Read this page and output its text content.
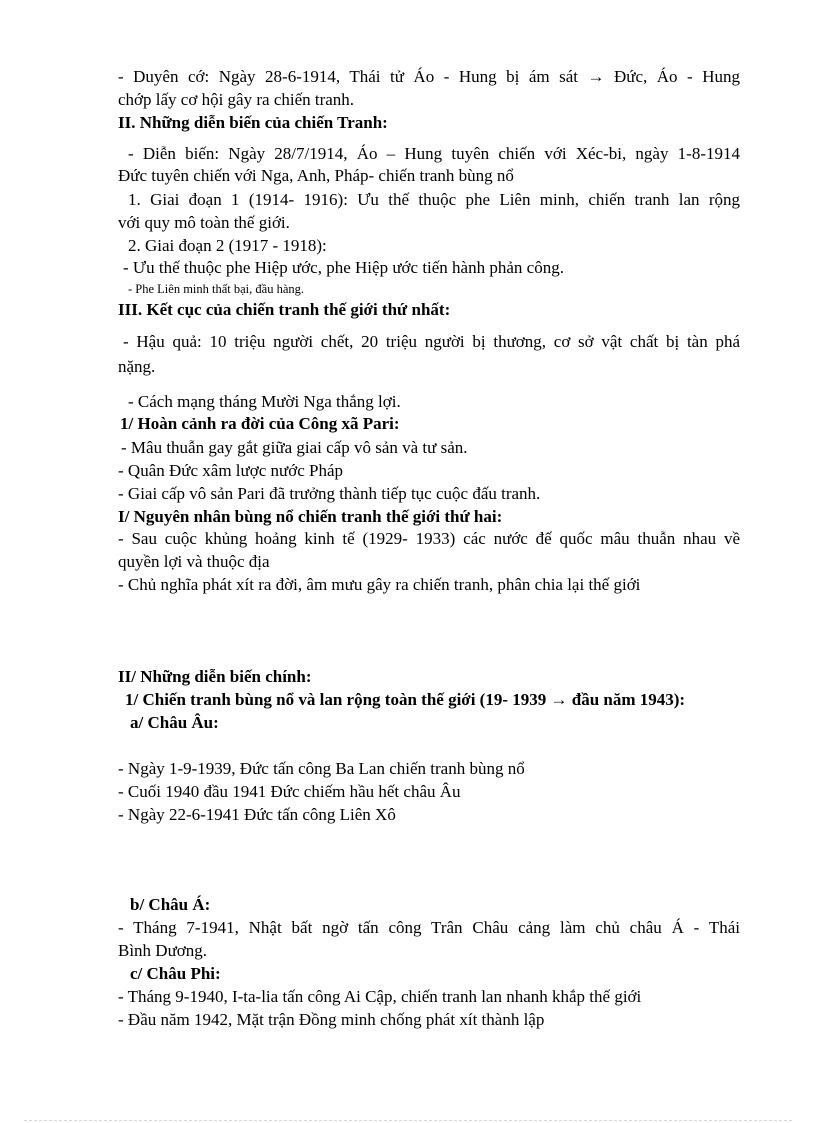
- Duyên cớ: Ngày 28-6-1914, Thái tử Áo - Hung bị ám sát → Đức, Áo - Hung
chớp lấy cơ hội gây ra chiến tranh.
II. Những diễn biến của chiến Tranh:
- Diễn biến: Ngày 28/7/1914, Áo – Hung tuyên chiến với Xéc-bi, ngày 1-8-1914
Đức tuyên chiến với Nga, Anh, Pháp- chiến tranh bùng nổ
1. Giai đoạn 1 (1914- 1916): Ưu thế thuộc phe Liên minh, chiến tranh lan rộng
với quy mô toàn thế giới.
2. Giai đoạn 2 (1917 - 1918):
- Ưu thế thuộc phe Hiệp ước, phe Hiệp ước tiến hành phản công.
- Phe Liên minh thất bại, đầu hàng.
III. Kết cục của chiến tranh thế giới thứ nhất:
- Hậu quả: 10 triệu người chết, 20 triệu người bị thương, cơ sở vật chất bị tàn phá
nặng.
- Cách mạng tháng Mười Nga thắng lợi.
1/ Hoàn cảnh ra đời của Công xã Pari:
- Mâu thuẫn gay gắt giữa giai cấp vô sản và tư sản.
- Quân Đức xâm lược nước Pháp
- Giai cấp vô sản Pari đã trưởng thành tiếp tục cuộc đấu tranh.
I/ Nguyên nhân bùng nổ chiến tranh thế giới thứ hai:
- Sau cuộc khủng hoảng kinh tế (1929- 1933) các nước đế quốc mâu thuẫn nhau về
quyền lợi và thuộc địa
- Chủ nghĩa phát xít ra đời, âm mưu gây ra chiến tranh, phân chia lại thế giới
II/ Những diễn biến chính:
1/ Chiến tranh bùng nổ và lan rộng toàn thế giới (19- 1939 → đầu năm 1943):
a/ Châu Âu:
- Ngày 1-9-1939, Đức tấn công Ba Lan chiến tranh bùng nổ
- Cuối 1940 đầu 1941 Đức chiếm hầu hết châu Âu
- Ngày 22-6-1941 Đức tấn công Liên Xô
b/ Châu Á:
- Tháng 7-1941, Nhật bất ngờ tấn công Trân Châu cảng làm chủ châu Á - Thái
Bình Dương.
c/ Châu Phi:
- Tháng 9-1940, I-ta-lia tấn công Ai Cập, chiến tranh lan nhanh khắp thế giới
- Đầu năm 1942, Mặt trận Đồng minh chống phát xít thành lập
